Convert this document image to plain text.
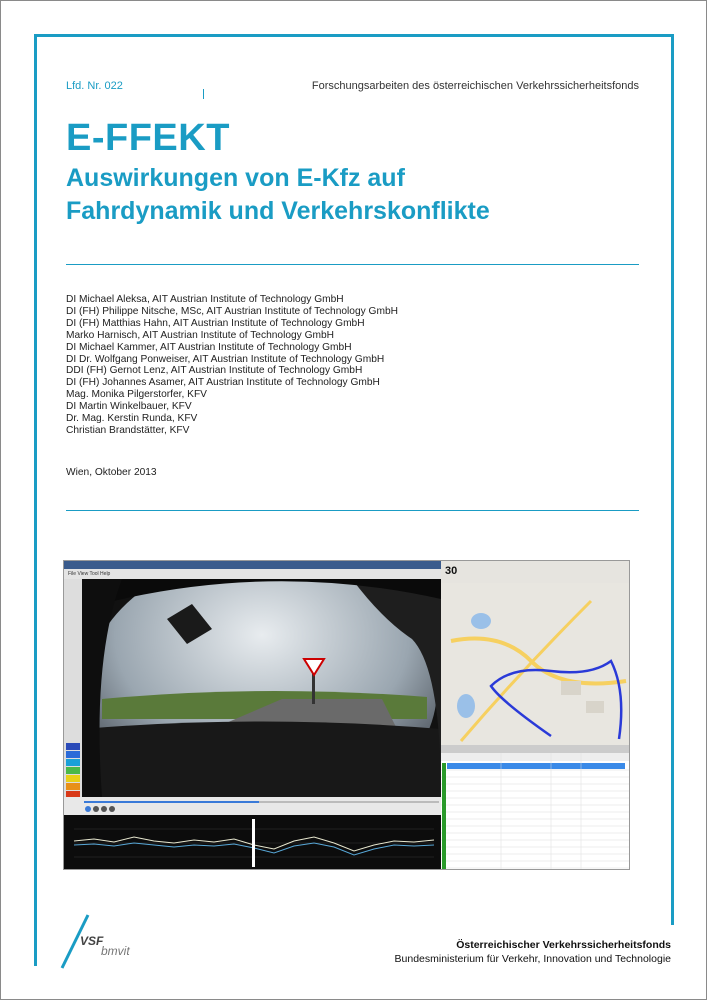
Lfd. Nr. 022	Forschungsarbeiten des österreichischen Verkehrssicherheitsfonds
E-FFEKT
Auswirkungen von E-Kfz auf
Fahrdynamik und Verkehrskonflikte
DI Michael Aleksa, AIT Austrian Institute of Technology GmbH
DI (FH) Philippe Nitsche, MSc, AIT Austrian Institute of Technology GmbH
DI (FH) Matthias Hahn, AIT Austrian Institute of Technology GmbH
Marko Harnisch, AIT Austrian Institute of Technology GmbH
DI Michael Kammer, AIT Austrian Institute of Technology GmbH
DI Dr. Wolfgang Ponweiser, AIT Austrian Institute of Technology GmbH
DDI (FH) Gernot Lenz, AIT Austrian Institute of Technology GmbH
DI (FH) Johannes Asamer, AIT Austrian Institute of Technology GmbH
Mag. Monika Pilgerstorfer, KFV
DI Martin Winkelbauer, KFV
Dr. Mag. Kerstin Runda, KFV
Christian Brandstätter, KFV
Wien, Oktober 2013
File View Tool Help	30
VSF
bmvit	Österreichischer Verkehrssicherheitsfonds
Bundesministerium für Verkehr, Innovation und Technologie
